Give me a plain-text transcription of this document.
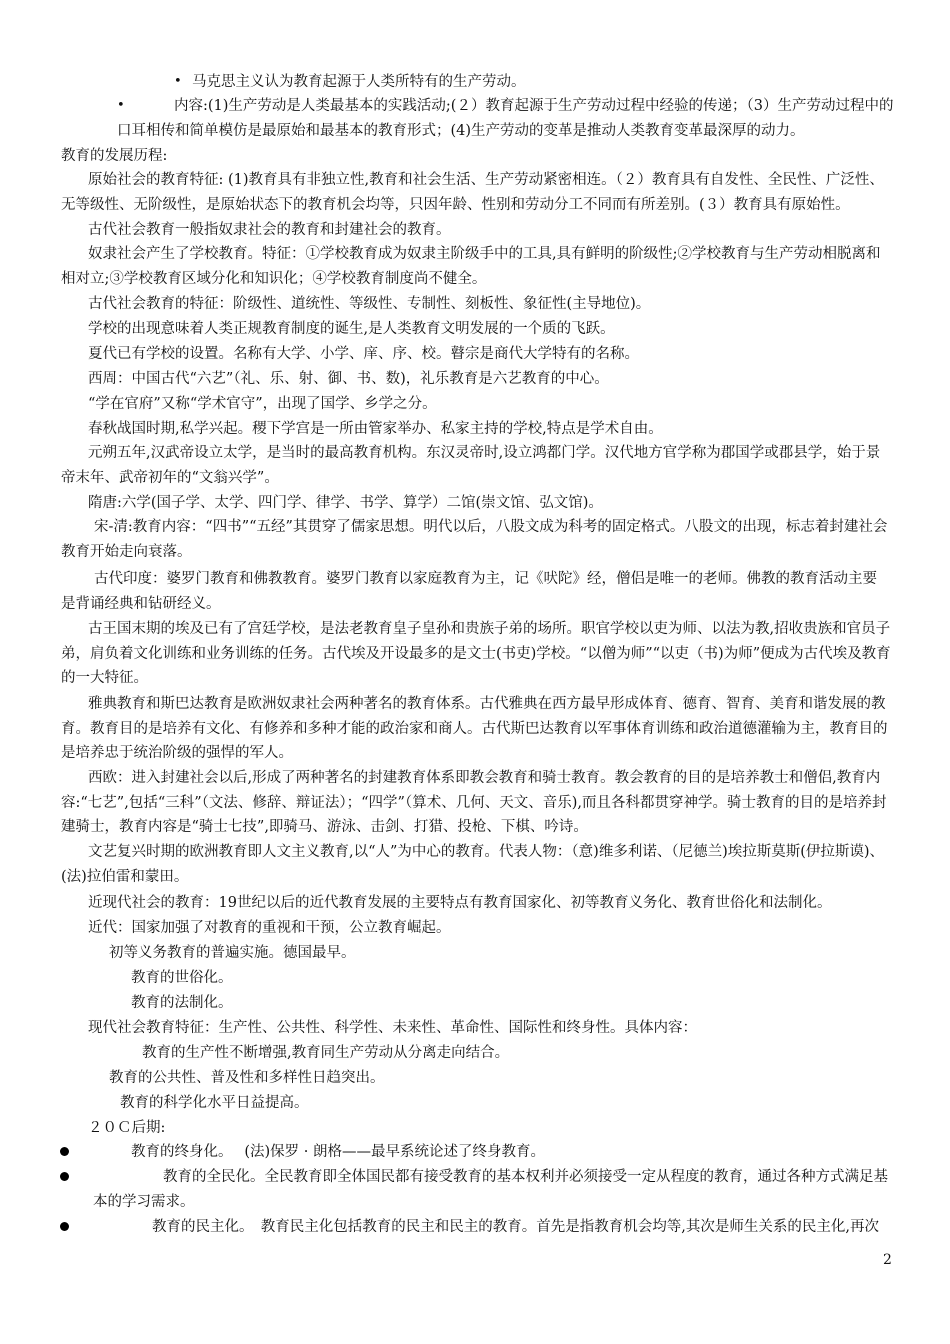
• 马克思主义认为教育起源于人类所特有的生产劳动。
•	内容:(1)生产劳动是人类最基本的实践活动;(２）教育起源于生产劳动过程中经验的传递；（3）生产劳动过程中的
口耳相传和简单模仿是最原始和最基本的教育形式；(4)生产劳动的变革是推动人类教育变革最深厚的动力。
教育的发展历程:
原始社会的教育特征: (1)教育具有非独立性,教育和社会生活、生产劳动紧密相连。（２）教育具有自发性、全民性、广泛性、无等级性、无阶级性，是原始状态下的教育机会均等，只因年龄、性别和劳动分工不同而有所差别。(３）教育具有原始性。
古代社会教育一般指奴隶社会的教育和封建社会的教育。
奴隶社会产生了学校教育。特征：①学校教育成为奴隶主阶级手中的工具,具有鲜明的阶级性;②学校教育与生产劳动相脱离和相对立;③学校教育区域分化和知识化；④学校教育制度尚不健全。
古代社会教育的特征：阶级性、道统性、等级性、专制性、刻板性、象征性(主导地位)。
学校的出现意味着人类正规教育制度的诞生,是人类教育文明发展的一个质的飞跃。
夏代已有学校的设置。名称有大学、小学、庠、序、校。瞽宗是商代大学特有的名称。
西周：中国古代“六艺”（礼、乐、射、御、书、数)，礼乐教育是六艺教育的中心。
“学在官府”又称“学术官守”，出现了国学、乡学之分。
春秋战国时期,私学兴起。稷下学宫是一所由管家举办、私家主持的学校,特点是学术自由。
元朔五年,汉武帝设立太学，是当时的最高教育机构。东汉灵帝时,设立鸿都门学。汉代地方官学称为郡国学或郡县学，始于景帝末年、武帝初年的“文翁兴学”。
隋唐:六学(国子学、太学、四门学、律学、书学、算学）二馆(崇文馆、弘文馆)。
宋-清:教育内容：“四书”“五经”其贯穿了儒家思想。明代以后，八股文成为科考的固定格式。八股文的出现，标志着封建社会教育开始走向衰落。
古代印度：婆罗门教育和佛教教育。婆罗门教育以家庭教育为主，记《吠陀》经，僧侣是唯一的老师。佛教的教育活动主要是背诵经典和钻研经义。
古王国末期的埃及已有了宫廷学校，是法老教育皇子皇孙和贵族子弟的场所。职官学校以吏为师、以法为教,招收贵族和官员子弟，肩负着文化训练和业务训练的任务。古代埃及开设最多的是文士(书吏)学校。“以僧为师”“以吏（书)为师”便成为古代埃及教育的一大特征。
雅典教育和斯巴达教育是欧洲奴隶社会两种著名的教育体系。古代雅典在西方最早形成体育、德育、智育、美育和谐发展的教育。教育目的是培养有文化、有修养和多种才能的政治家和商人。古代斯巴达教育以军事体育训练和政治道德灌输为主，教育目的是培养忠于统治阶级的强悍的军人。
西欧：进入封建社会以后,形成了两种著名的封建教育体系即教会教育和骑士教育。教会教育的目的是培养教士和僧侣,教育内容:“七艺”,包括“三科”（文法、修辞、辩证法）；“四学”（算术、几何、天文、音乐),而且各科都贯穿神学。骑士教育的目的是培养封建骑士，教育内容是“骑士七技”,即骑马、游泳、击剑、打猎、投枪、下棋、吟诗。
文艺复兴时期的欧洲教育即人文主义教育,以“人”为中心的教育。代表人物：（意)维多利诺、（尼德兰)埃拉斯莫斯(伊拉斯谟)、(法)拉伯雷和蒙田。
近现代社会的教育：19世纪以后的近代教育发展的主要特点有教育国家化、初等教育义务化、教育世俗化和法制化。
近代：国家加强了对教育的重视和干预，公立教育崛起。
初等义务教育的普遍实施。德国最早。
教育的世俗化。
教育的法制化。
现代社会教育特征：生产性、公共性、科学性、未来性、革命性、国际性和终身性。具体内容：
教育的生产性不断增强,教育同生产劳动从分离走向结合。
教育的公共性、普及性和多样性日趋突出。
教育的科学化水平日益提高。
２０Ｃ后期:
教育的终身化。　 (法)保罗 · 朗格——最早系统论述了终身教育。
教育的全民化。全民教育即全体国民都有接受教育的基本权利并必须接受一定从程度的教育，通过各种方式满足基
本的学习需求。
教育的民主化。　教育民主化包括教育的民主和民主的教育。首先是指教育机会均等,其次是师生关系的民主化,再次
2
